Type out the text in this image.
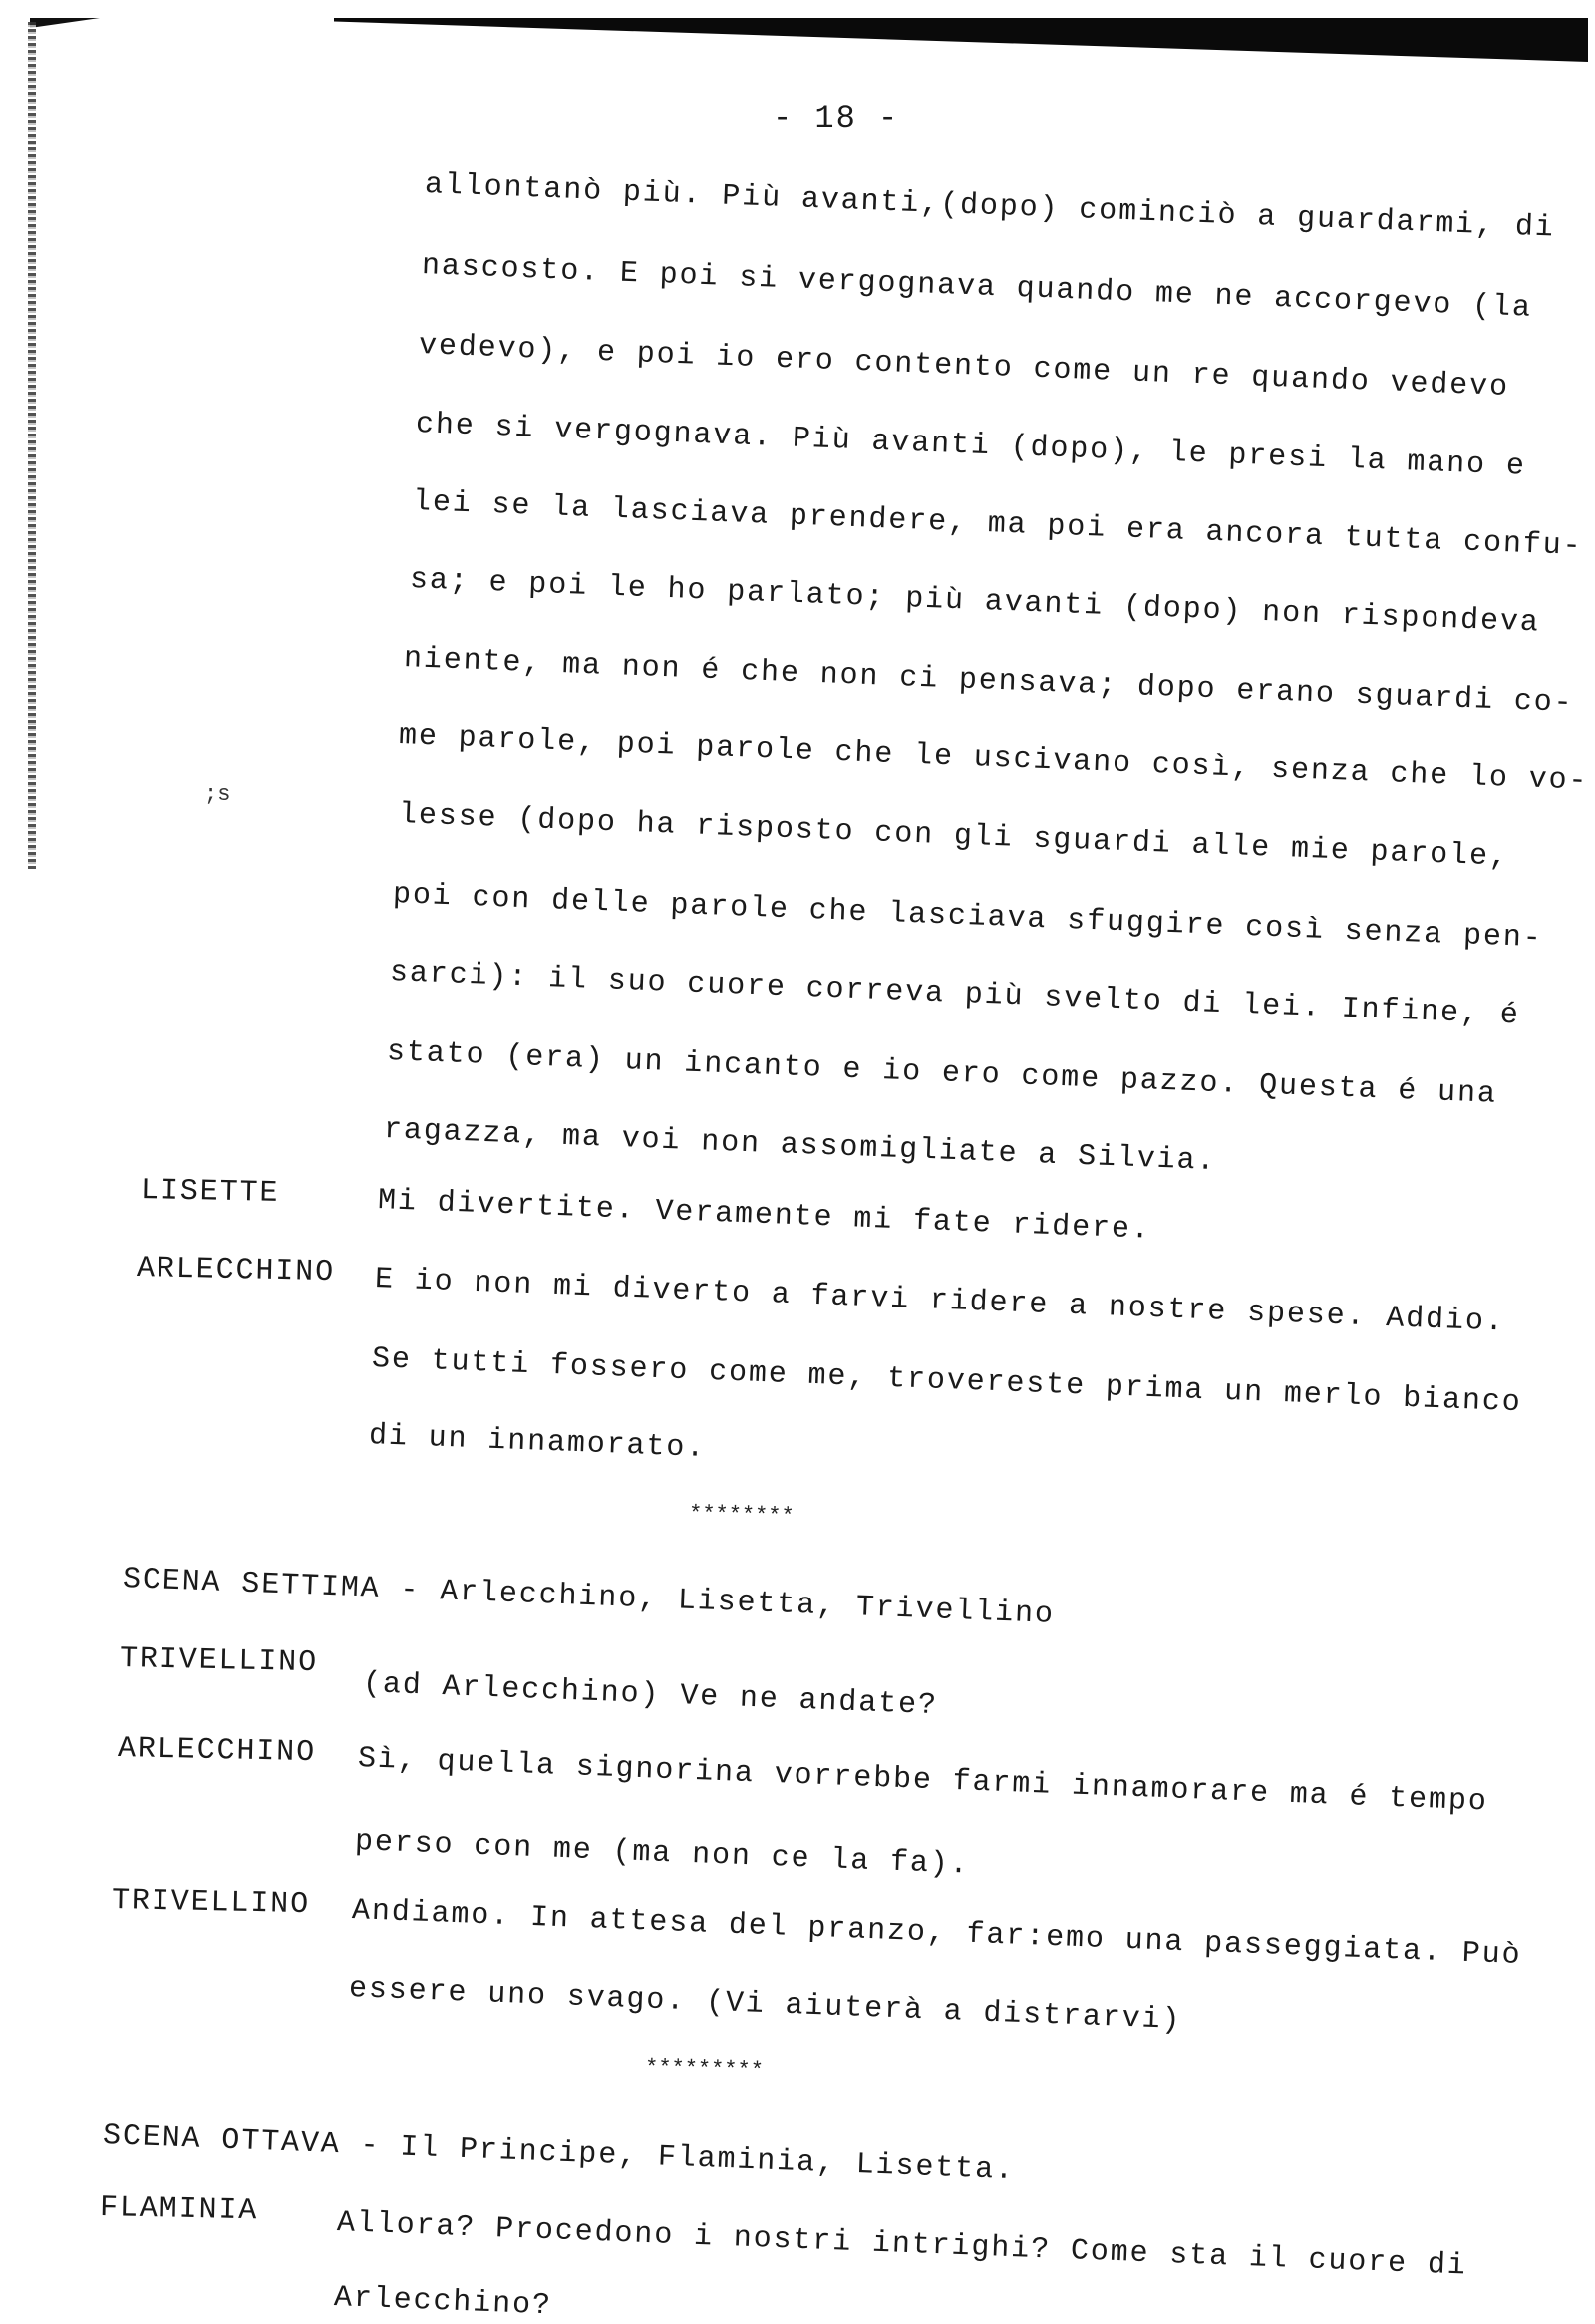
- 18 -
;s
allontanò più. Più avanti,(dopo) cominciò a guardarmi, di
nascosto. E poi si vergognava quando me ne accorgevo (la
vedevo), e poi io ero contento come un re quando vedevo
che si vergognava. Più avanti (dopo), le presi la mano e
lei se la lasciava prendere, ma poi era ancora tutta confu-
sa; e poi le ho parlato; più avanti (dopo) non rispondeva
niente, ma non é che non ci pensava; dopo erano sguardi co-
me parole, poi parole che le uscivano così, senza che lo vo-
lesse (dopo ha risposto con gli sguardi alle mie parole,
poi con delle parole che lasciava sfuggire così senza pen-
sarci): il suo cuore correva più svelto di lei. Infine, é
stato (era) un incanto e io ero come pazzo. Questa é una
ragazza, ma voi non assomigliate a Silvia.
LISETTE	Mi divertite. Veramente mi fate ridere.
ARLECCHINO E io non mi diverto a farvi ridere a nostre spese. Addio.
Se tutti fossero come me, trovereste prima un merlo bianco
di un innamorato.
********
SCENA SETTIMA - Arlecchino, Lisetta, Trivellino
TRIVELLINO
(ad Arlecchino) Ve ne andate?
ARLECCHINO Sì, quella signorina vorrebbe farmi innamorare ma é tempo
perso con me (ma non ce la fa).
TRIVELLINO Andiamo. In attesa del pranzo, far:emo una passeggiata. Può
essere uno svago. (Vi aiuterà a distrarvi)
*********
SCENA OTTAVA - Il Principe, Flaminia, Lisetta.
FLAMINIA	Allora? Procedono i nostri intrighi? Come sta il cuore di
Arlecchino?
